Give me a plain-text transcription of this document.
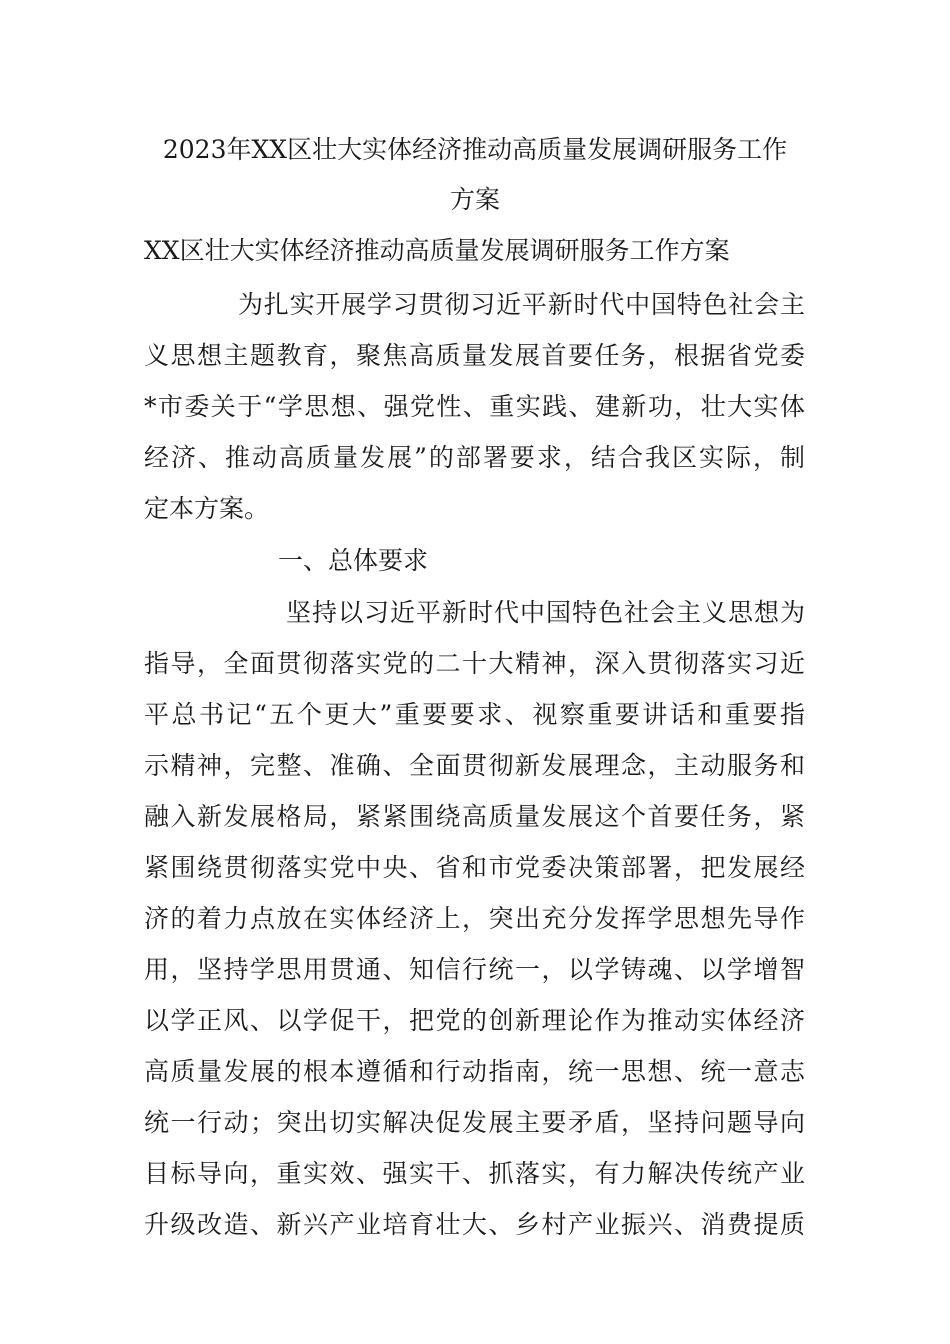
2023年XX区壮大实体经济推动高质量发展调研服务工作
方案
XX区壮大实体经济推动高质量发展调研服务工作方案
为扎实开展学习贯彻习近平新时代中国特色社会主
义思想主题教育，聚焦高质量发展首要任务，根据省党委
*市委关于“学思想、强党性、重实践、建新功，壮大实体
经济、推动高质量发展”的部署要求，结合我区实际，制
定本方案。
一、总体要求
坚持以习近平新时代中国特色社会主义思想为
指导，全面贯彻落实党的二十大精神，深入贯彻落实习近
平总书记“五个更大”重要要求、视察重要讲话和重要指
示精神，完整、准确、全面贯彻新发展理念，主动服务和
融入新发展格局，紧紧围绕高质量发展这个首要任务，紧
紧围绕贯彻落实党中央、省和市党委决策部署，把发展经
济的着力点放在实体经济上，突出充分发挥学思想先导作
用，坚持学思用贯通、知信行统一，以学铸魂、以学增智
以学正风、以学促干，把党的创新理论作为推动实体经济
高质量发展的根本遵循和行动指南，统一思想、统一意志
统一行动；突出切实解决促发展主要矛盾，坚持问题导向
目标导向，重实效、强实干、抓落实，有力解决传统产业
升级改造、新兴产业培育壮大、乡村产业振兴、消费提质
